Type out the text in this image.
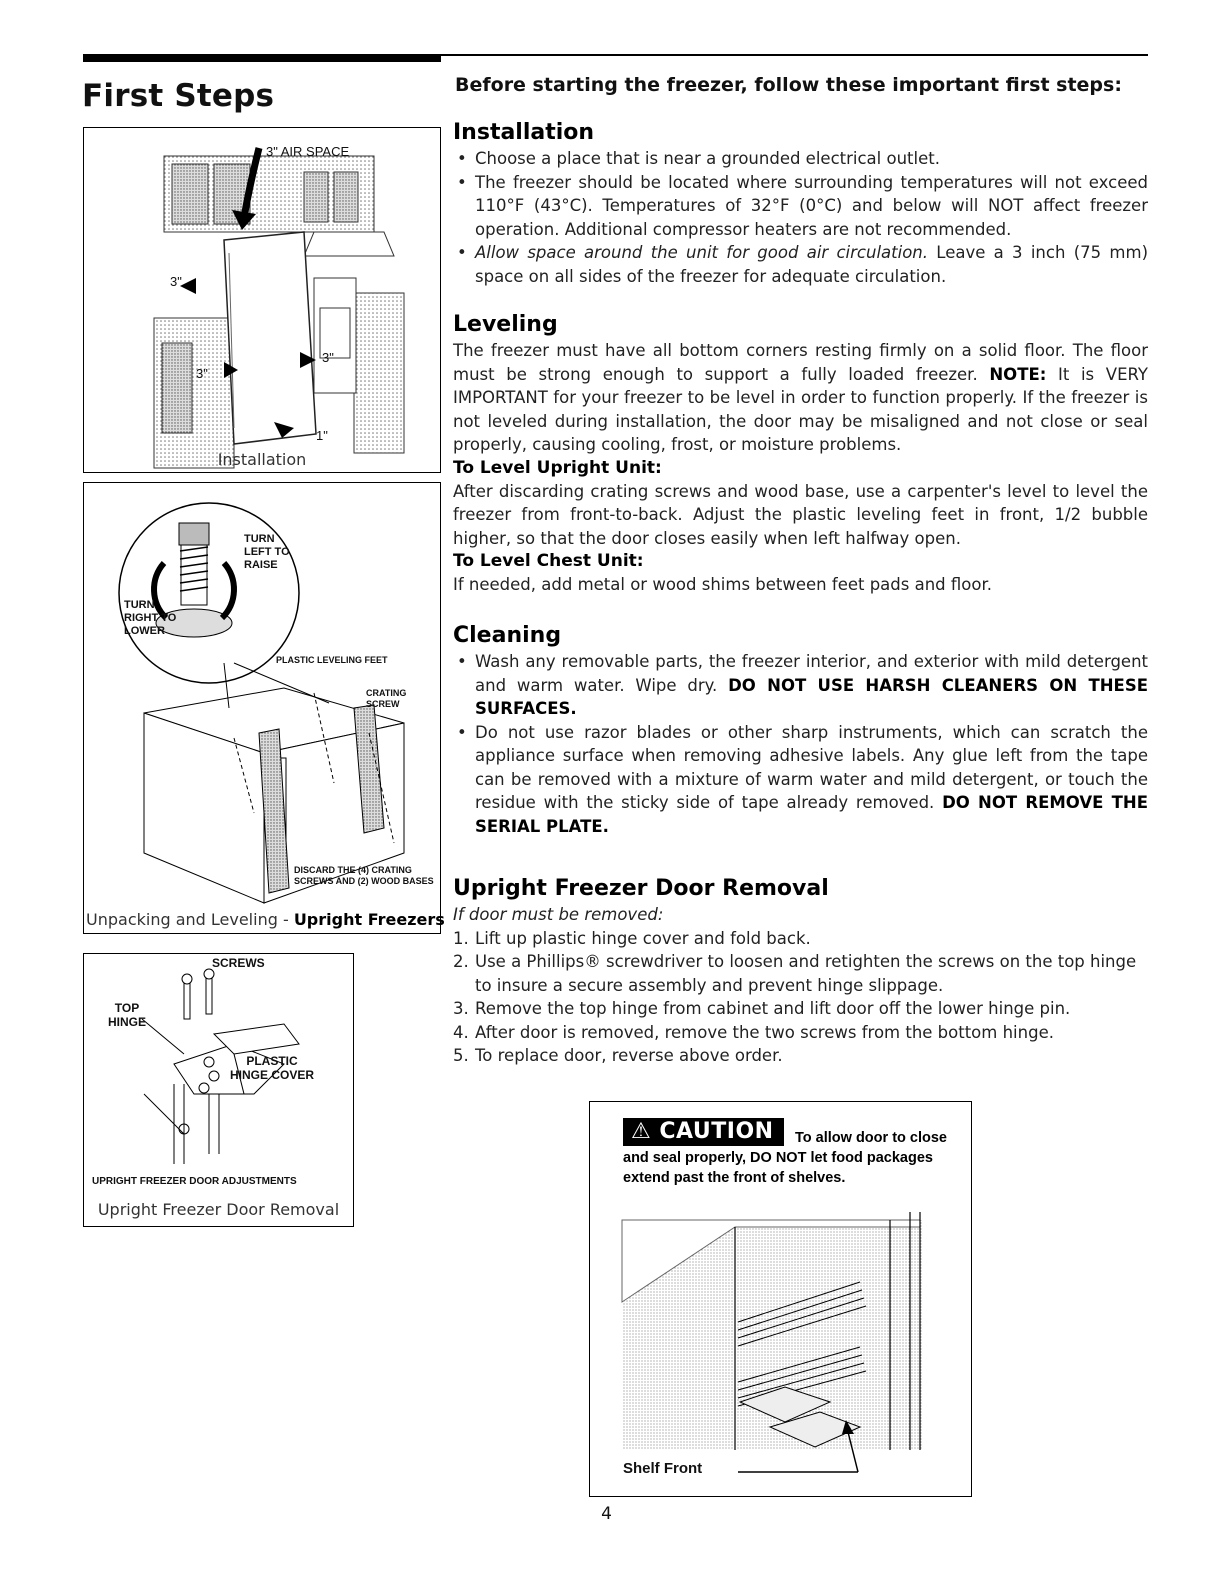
First Steps	Before starting the freezer, follow these important first steps:
3" AIR SPACE
3"
3"
3"
1"
Installation
TURN
LEFT TO
RAISE
TURN
RIGHT TO
LOWER
PLASTIC LEVELING FEET
CRATING
SCREW
DISCARD THE (4) CRATING
SCREWS AND (2) WOOD BASES
Unpacking and Leveling - Upright Freezers
SCREWS
TOP
HINGE
PLASTIC
HINGE COVER
UPRIGHT FREEZER DOOR ADJUSTMENTS
Upright Freezer Door Removal
Installation
• Choose a place that is near a grounded electrical outlet.
• The freezer should be located where surrounding temperatures will not exceed 110°F (43°C). Temperatures of 32°F (0°C) and below will NOT affect freezer operation. Additional compressor heaters are not recommended.
• Allow space around the unit for good air circulation. Leave a 3 inch (75 mm) space on all sides of the freezer for adequate circulation.
Leveling

The freezer must have all bottom corners resting firmly on a solid floor. The floor must be strong enough to support a fully loaded freezer. NOTE: It is VERY IMPORTANT for your freezer to be level in order to function properly. If the freezer is not leveled during installation, the door may be misaligned and not close or seal properly, causing cooling, frost, or moisture problems.

To Level Upright Unit:

After discarding crating screws and wood base, use a carpenter's level to level the freezer from front-to-back. Adjust the plastic leveling feet in front, 1/2 bubble higher, so that the door closes easily when left halfway open.

To Level Chest Unit:

If needed, add metal or wood shims between feet pads and floor.

Cleaning
• Wash any removable parts, the freezer interior, and exterior with mild detergent and warm water. Wipe dry. DO NOT USE HARSH CLEANERS ON THESE SURFACES.
• Do not use razor blades or other sharp instruments, which can scratch the appliance surface when removing adhesive labels. Any glue left from the tape can be removed with a mixture of warm water and mild detergent, or touch the residue with the sticky side of tape already removed. DO NOT REMOVE THE SERIAL PLATE.
Upright Freezer Door Removal

If door must be removed:

1. Lift up plastic hinge cover and fold back.
2. Use a Phillips® screwdriver to loosen and retighten the screws on the top hinge to insure a secure assembly and prevent hinge slippage.
3. Remove the top hinge from cabinet and lift door off the lower hinge pin.
4. After door is removed, remove the two screws from the bottom hinge.
5. To replace door, reverse above order.
⚠ CAUTION	To allow door to close and seal properly, DO NOT let food packages extend past the front of shelves.
Shelf Front
4
